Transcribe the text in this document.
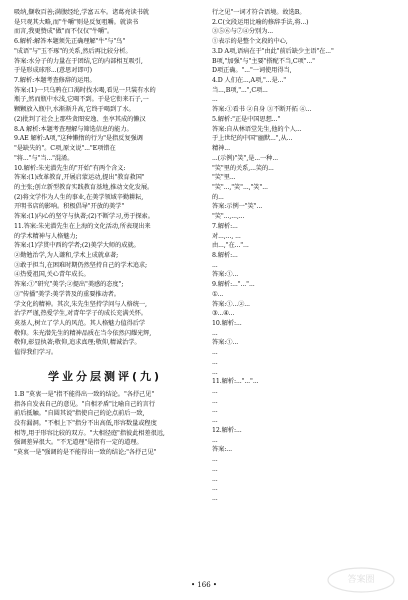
吸纳,撷收百善;满腹经纶,学富五车。诸葛亮读书就
是只观其大略,而"牛嚼"则是反复咀嚼。就读书
而言,我更赞成"做"而不仅仅"牛嚼"。
6.解析:解答本题须先正确理解"牛"与"鸟"
"成语"与"玉不琢"的关系,然后再比较分析。
答案:水分子的力量在于团结,它的内部相互吸引,
于是形成球形...(意思对即可)
7.解析:本题考查修辞的运用。
答案:(1)一只乌鸦在口渴时找水喝,看见一只装有水的
瓶子,然而瓶中水浅,它喝不到。于是它衔来石子,一
颗颗放入瓶中,水渐渐升高,它终于喝到了水。
(2)批判了社会上那些贪图安逸、坐享其成的懒汉
8.A 解析:本题考查理解与筛选信息的能力。
9.AE 解析:A项,"这种懒惰的行为"是指反复强调
"是缺失的"。C项,原文说"..."E项错在
"将..."与"当..."混淆。
10.解析:朱光潜先生的"开始"有两个含义:
答案:(1)改革教育,开展启蒙运动,提出"教育救国"
的主张;创立新型教育实践教育基地,推动文化发展。
(2)将文学作为人生的事业,在美学领域辛勤耕耘,
开明书店的影响。积极倡导"开放的美学"
答案:(1)内心的坚守与执著;(2)不断学习,勇于探索。
11.答案:朱光潜先生在上海的文化活动,所表现出来
的学术精神与人格魅力;
答案:(1)学贯中西的学者;(2)美学大师的成就。
②勤勉治学,为人谦和,学术上成就卓著;
③敢于担当,在困难时期仍然坚持自己的学术追求;
④热爱祖国,关心青年成长。
答案:①"研究"美学;②提出"美感的态度";
③"传播"美学:美学普及的重要推动者。
学文化的精神。其次,朱先生坚持学问与人格统一,
治学严谨,热爱学生,对青年学子的成长充满关怀。
莫基人,树立了学人的风范。其人格魅力值得后学
敬仰。朱光潜先生的精神品质在当今依然闪耀光辉,
敬仰,彰显执著;敬仰,追求真理;敬仰,精诚治学。
值得我们学习。
学业分层测评(九)
1.B "莫衷一是"指不能得出一致的结论。"各抒己见"
指各自发表自己的意见。"自相矛盾"比喻自己的言行
前后抵触。"自圆其说"指使自己的论点前后一致,
没有漏洞。"不相上下"指分不出高低,形容数量或程度
相等,用于形容比较的双方。"大相径庭"指彼此相差很远,
强调差异很大。"不无道理"是指有一定的道理。
"莫衷一是"强调的是不能得出一致的结论;"各抒己见"
行之见"一词才符合语境。故选B。
2.C(文段运用比喻的修辞手法,将...)
③⑤⑥与⑦④分别为...
①表示的是整个文段的中心,
3.D A项,语病在于"由此"前后缺少主语"在..."
B项,"加强"与"主要"搭配不当,C项"..."
D项正确。"..."一词使用得当,
4.D 人们在...,A项,"...是..."
当...,B项,"...",C项...
...
答案:①看书 ②自身 ③不断开拓 ④...
5.解析:"正是中国思想..."
答案:自从林语堂先生,他的个人...
于上世纪的中国"幽默...",从...
精神...
...(示例)"笑",是...一种...
"笑"里的关系,...笑的...
"笑"里...
"笑"...,"笑"...,"笑"...
的...
答案:示例一"笑"...
"笑"...,...,...
7.解析:...
对...,..., ...
由...,"在..."...
8.解析:...
...
答案:①...
9.解析:..."..."...
①...
答案:①...②...
③...④...
10.解析:...
...
答案:①...
...
...
...
11.解析:..."..."...
...
...
...
...
12.解析:...
...
答案:...
...
...
...
...
...
• 166 •	答案圈
